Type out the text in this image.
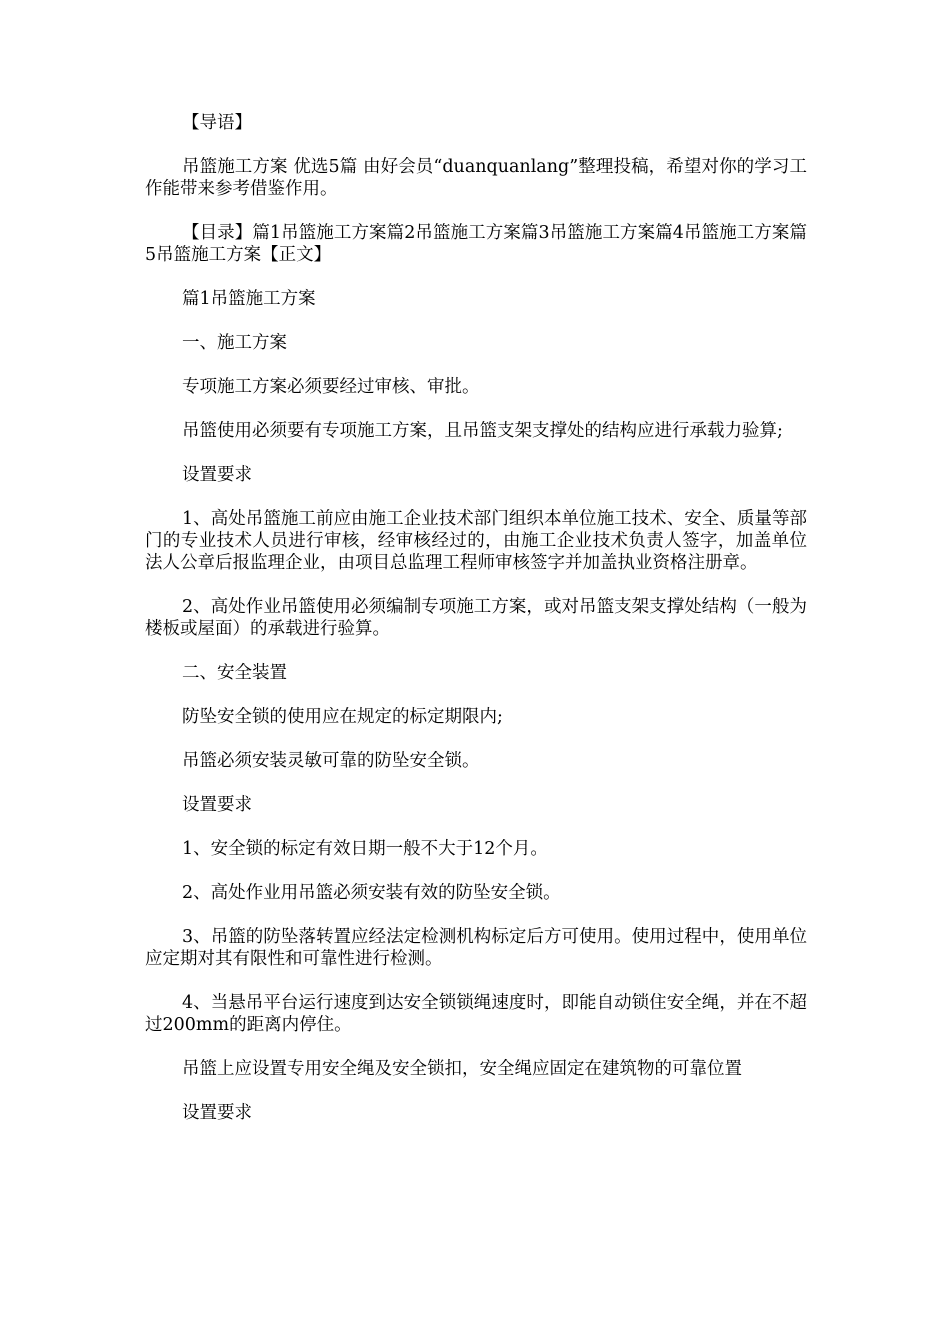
【导语】

吊篮施工方案 优选5篇 由好会员“duanquanlang”整理投稿，希望对你的学习工作能带来参考借鉴作用。

【目录】篇1吊篮施工方案篇2吊篮施工方案篇3吊篮施工方案篇4吊篮施工方案篇5吊篮施工方案【正文】

篇1吊篮施工方案

一、施工方案

专项施工方案必须要经过审核、审批。

吊篮使用必须要有专项施工方案，且吊篮支架支撑处的结构应进行承载力验算;

设置要求

1、高处吊篮施工前应由施工企业技术部门组织本单位施工技术、安全、质量等部门的专业技术人员进行审核，经审核经过的，由施工企业技术负责人签字，加盖单位法人公章后报监理企业，由项目总监理工程师审核签字并加盖执业资格注册章。

2、高处作业吊篮使用必须编制专项施工方案，或对吊篮支架支撑处结构（一般为楼板或屋面）的承载进行验算。

二、安全装置

防坠安全锁的使用应在规定的标定期限内;

吊篮必须安装灵敏可靠的防坠安全锁。

设置要求

1、安全锁的标定有效日期一般不大于12个月。

2、高处作业用吊篮必须安装有效的防坠安全锁。

3、吊篮的防坠落转置应经法定检测机构标定后方可使用。使用过程中，使用单位应定期对其有限性和可靠性进行检测。

4、当悬吊平台运行速度到达安全锁锁绳速度时，即能自动锁住安全绳，并在不超过200mm的距离内停住。

吊篮上应设置专用安全绳及安全锁扣，安全绳应固定在建筑物的可靠位置

设置要求
